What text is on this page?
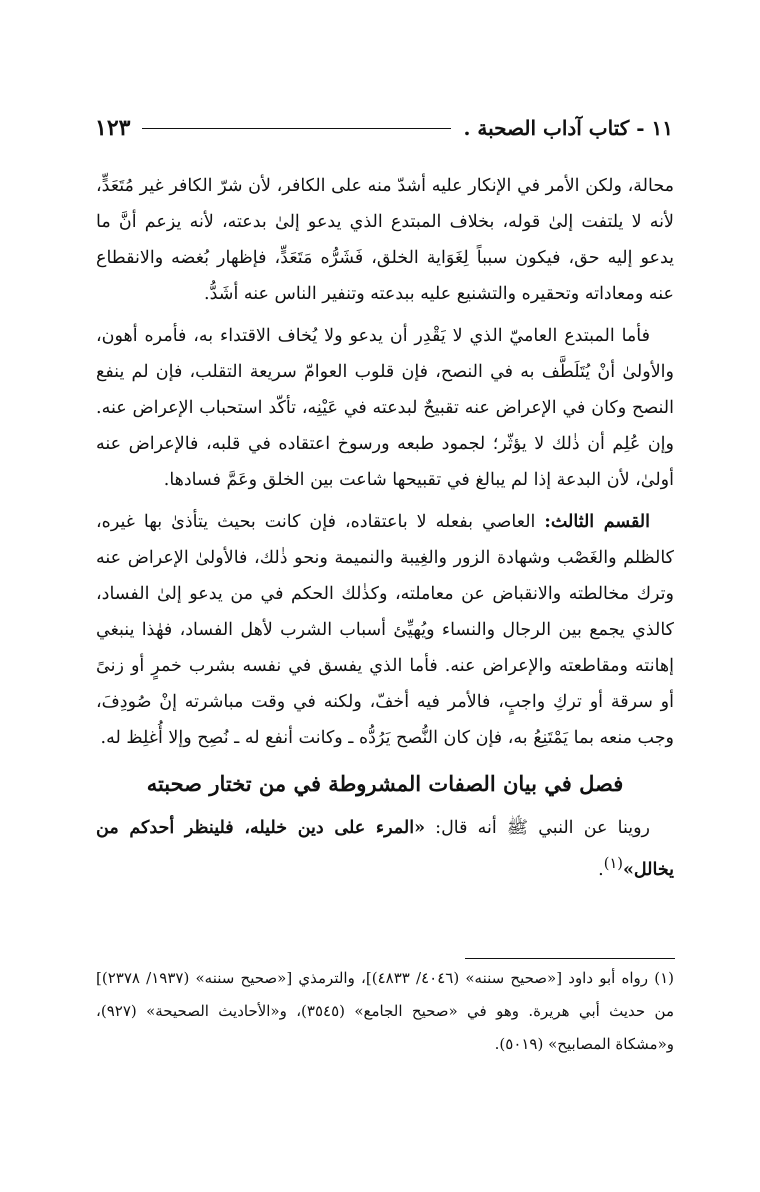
١١ - كتاب آداب الصحبة .
١٢٣

محالة، ولكن الأمر في الإنكار عليه أشدّ منه على الكافر، لأن شرّ الكافر غير مُتَعَدٍّ، لأنه لا يلتفت إلىٰ قوله، بخلاف المبتدع الذي يدعو إلىٰ بدعته، لأنه يزعم أنَّ ما يدعو إليه حق، فيكون سبباً لِغَوَاية الخلق، فَشَرُّه مَتَعَدٍّ، فإظهار بُغضه والانقطاع عنه ومعاداته وتحقيره والتشنيع عليه ببدعته وتنفير الناس عنه أشَدُّ.

فأما المبتدع العاميّ الذي لا يَقْدِر أن يدعو ولا يُخاف الاقتداء به، فأمره أهون، والأولىٰ أنْ يُتَلَطَّف به في النصح، فإن قلوب العوامّ سريعة التقلب، فإن لم ينفع النصح وكان في الإعراض عنه تقبيحٌ لبدعته في عَيْنِه، تأكّد استحباب الإعراض عنه. وإن عُلِم أن ذٰلك لا يؤثّر؛ لجمود طبعه ورسوخ اعتقاده في قلبه، فالإعراض عنه أولىٰ، لأن البدعة إذا لم يبالغ في تقبيحها شاعت بين الخلق وعَمَّ فسادها.

القسم الثالث: العاصي بفعله لا باعتقاده، فإن كانت بحيث يتأذىٰ بها غيره، كالظلم والغَصْب وشهادة الزور والغِيبة والنميمة ونحو ذٰلك، فالأولىٰ الإعراض عنه وترك مخالطته والانقباض عن معاملته، وكذٰلك الحكم في من يدعو إلىٰ الفساد، كالذي يجمع بين الرجال والنساء ويُهيِّئ أسباب الشرب لأهل الفساد، فهٰذا ينبغي إهانته ومقاطعته والإعراض عنه. فأما الذي يفسق في نفسه بشرب خمرٍ أو زنىً أو سرقة أو تركِ واجبٍ، فالأمر فيه أخفّ، ولكنه في وقت مباشرته إنْ صُودِفَ، وجب منعه بما يَمْتَنِعُ به، فإن كان النُّصح يَرُدُّه ـ وكانت أنفع له ـ نُصِح وإلا أُغلِظ له.

فصل في بيان الصفات المشروطة في من تختار صحبته

روينا عن النبي ﷺ أنه قال: «المرء على دين خليله، فلينظر أحدكم من يخالل»$^{(١)}$.

(١) رواه أبو داود [«صحيح سننه» (٤٠٤٦/ ٤٨٣٣)]، والترمذي [«صحيح سننه» (١٩٣٧/ ٢٣٧٨)] من حديث أبي هريرة. وهو في «صحيح الجامع» (٣٥٤٥)، و«الأحاديث الصحيحة» (٩٢٧)، و«مشكاة المصابيح» (٥٠١٩).
